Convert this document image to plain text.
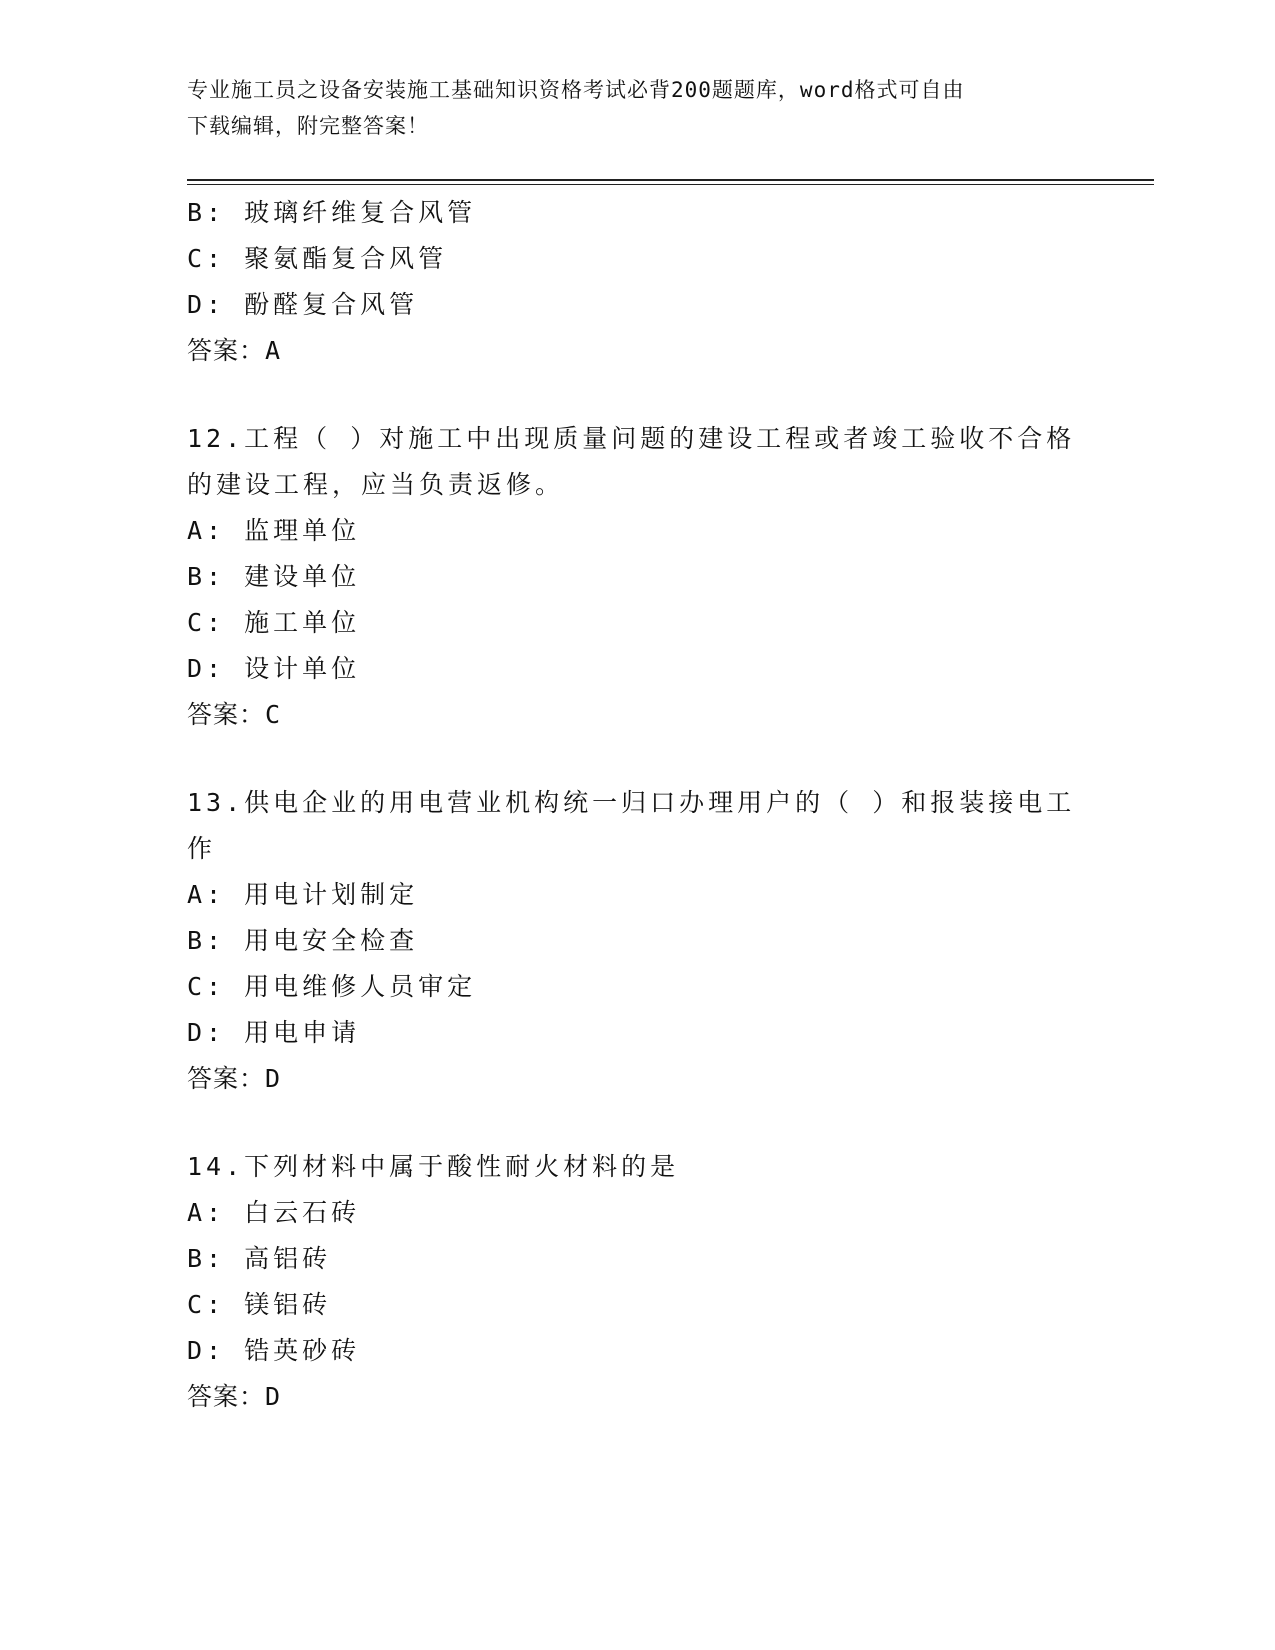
专业施工员之设备安装施工基础知识资格考试必背200题题库，word格式可自由
下载编辑，附完整答案！
B: 玻璃纤维复合风管
C: 聚氨酯复合风管
D: 酚醛复合风管
答案：A
12.工程（ ）对施工中出现质量问题的建设工程或者竣工验收不合格
的建设工程，应当负责返修。
A: 监理单位
B: 建设单位
C: 施工单位
D: 设计单位
答案：C
13.供电企业的用电营业机构统一归口办理用户的（ ）和报装接电工
作
A: 用电计划制定
B: 用电安全检查
C: 用电维修人员审定
D: 用电申请
答案：D
14.下列材料中属于酸性耐火材料的是
A: 白云石砖
B: 高铝砖
C: 镁铝砖
D: 锆英砂砖
答案：D
